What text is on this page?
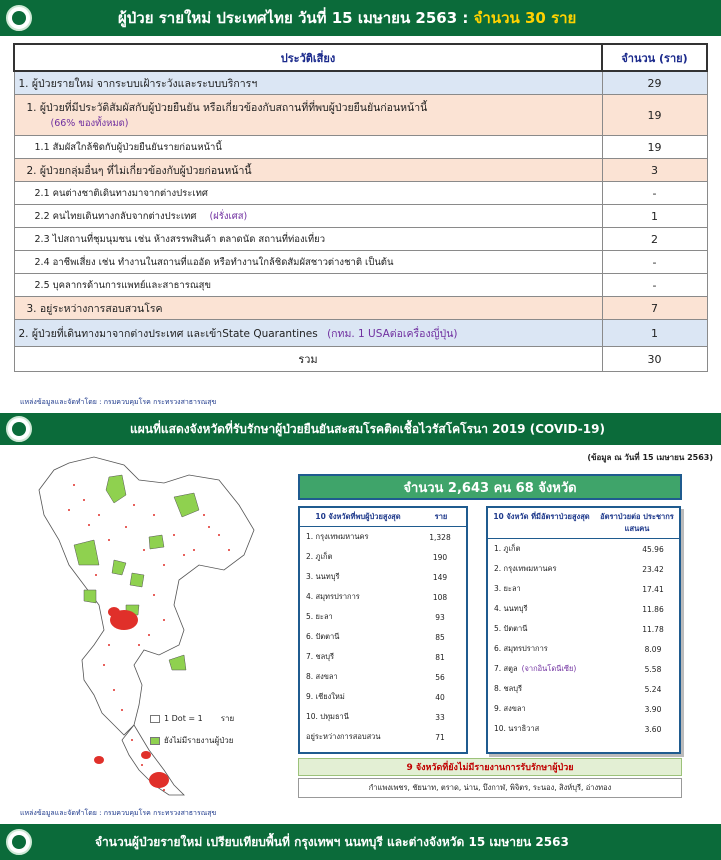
ผู้ป่วย รายใหม่ ประเทศไทย วันที่ 15 เมษายน 2563 : จำนวน 30 ราย
ประวัติเสี่ยง	จำนวน (ราย)
1. ผู้ป่วยรายใหม่ จากระบบเฝ้าระวังและระบบบริการฯ	29

1. ผู้ป่วยที่มีประวัติสัมผัสกับผู้ป่วยยืนยัน หรือเกี่ยวข้องกับสถานที่ที่พบผู้ป่วยยืนยันก่อนหน้านี้
(66% ของทั้งหมด)	19
1.1 สัมผัสใกล้ชิดกับผู้ป่วยยืนยันรายก่อนหน้านี้	19
2. ผู้ป่วยกลุ่มอื่นๆ ที่ไม่เกี่ยวข้องกับผู้ป่วยก่อนหน้านี้	3
2.1 คนต่างชาติเดินทางมาจากต่างประเทศ	-
2.2 คนไทยเดินทางกลับจากต่างประเทศ (ฝรั่งเศส)	1
2.3 ไปสถานที่ชุมนุมชน เช่น ห้างสรรพสินค้า ตลาดนัด สถานที่ท่องเที่ยว	2
2.4 อาชีพเสี่ยง เช่น ทำงานในสถานที่แออัด หรือทำงานใกล้ชิดสัมผัสชาวต่างชาติ เป็นต้น	-
2.5 บุคลากรด้านการแพทย์และสาธารณสุข	-
3. อยู่ระหว่างการสอบสวนโรค	7
2. ผู้ป่วยที่เดินทางมาจากต่างประเทศ และเข้าState Quarantines (กทม. 1 USAต่อเครื่องญี่ปุ่น)	1
รวม	30
แหล่งข้อมูลและจัดทำโดย : กรมควบคุมโรค กระทรวงสาธารณสุข
แผนที่แสดงจังหวัดที่รับรักษาผู้ป่วยยืนยันสะสมโรคติดเชื้อไวรัสโคโรนา 2019 (COVID-19)
(ข้อมูล ณ วันที่ 15 เมษายน 2563)
1 Dot = 1 ราย
ยังไม่มีรายงานผู้ป่วย
จำนวน 2,643 คน 68 จังหวัด
10 จังหวัดที่พบผู้ป่วยสูงสุด	ราย
1. กรุงเทพมหานคร	1,328
2. ภูเก็ต	190
3. นนทบุรี	149
4. สมุทรปราการ	108
5. ยะลา	93
6. ปัตตานี	85
7. ชลบุรี	81
8. สงขลา	56
9. เชียงใหม่	40
10. ปทุมธานี	33
อยู่ระหว่างการสอบสวน	71
10 จังหวัด ที่มีอัตราป่วยสูงสุด	อัตราป่วยต่อ ประชากรแสนคน
1. ภูเก็ต	45.96
2. กรุงเทพมหานคร	23.42
3. ยะลา	17.41
4. นนทบุรี	11.86
5. ปัตตานี	11.78
6. สมุทรปราการ	8.09
7. สตูล (จากอินโดนีเซีย)	5.58
8. ชลบุรี	5.24
9. สงขลา	3.90
10. นราธิวาส	3.60
9 จังหวัดที่ยังไม่มีรายงานการรับรักษาผู้ป่วย
กำแพงเพชร, ชัยนาท, ตราด, น่าน, บึงกาฬ, พิจิตร, ระนอง, สิงห์บุรี, อ่างทอง
แหล่งข้อมูลและจัดทำโดย : กรมควบคุมโรค กระทรวงสาธารณสุข
จำนวนผู้ป่วยรายใหม่ เปรียบเทียบพื้นที่ กรุงเทพฯ นนทบุรี และต่างจังหวัด 15 เมษายน 2563
